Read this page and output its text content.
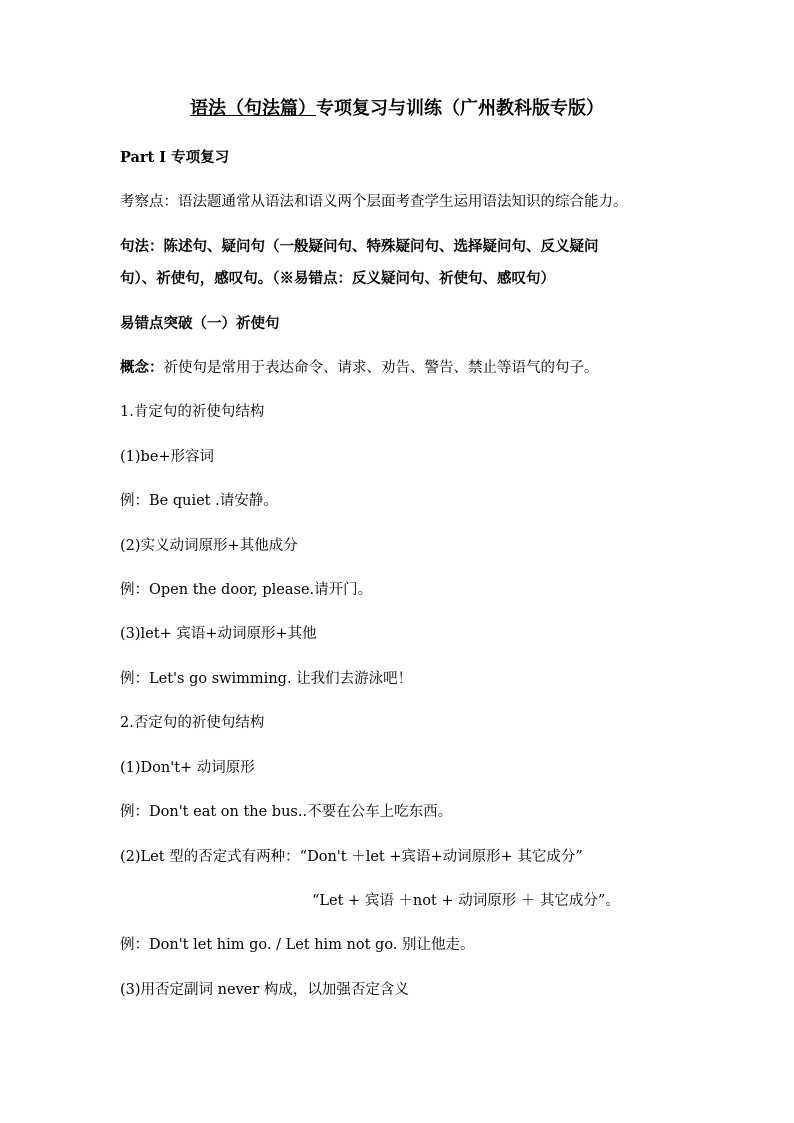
语法（句法篇）专项复习与训练（广州教科版专版）
Part I 专项复习
考察点：语法题通常从语法和语义两个层面考查学生运用语法知识的综合能力。
句法：陈述句、疑问句（一般疑问句、特殊疑问句、选择疑问句、反义疑问
句）、祈使句，感叹句。（※易错点：反义疑问句、祈使句、感叹句）
易错点突破（一）祈使句
概念：祈使句是常用于表达命令、请求、劝告、警告、禁止等语气的句子。
1.肯定句的祈使句结构
(1)be+形容词
例：Be quiet .请安静。
(2)实义动词原形+其他成分
例：Open the door, please.请开门。
(3)let+ 宾语+动词原形+其他
例：Let's go swimming. 让我们去游泳吧！
2.否定句的祈使句结构
(1)Don't+ 动词原形
例：Don't eat on the bus..不要在公车上吃东西。
(2)Let 型的否定式有两种：“Don't ＋let +宾语+动词原形+ 其它成分”
“Let + 宾语 ＋not + 动词原形 ＋ 其它成分”。
例：Don't let him go. / Let him not go. 别让他走。
(3)用否定副词 never 构成，以加强否定含义
